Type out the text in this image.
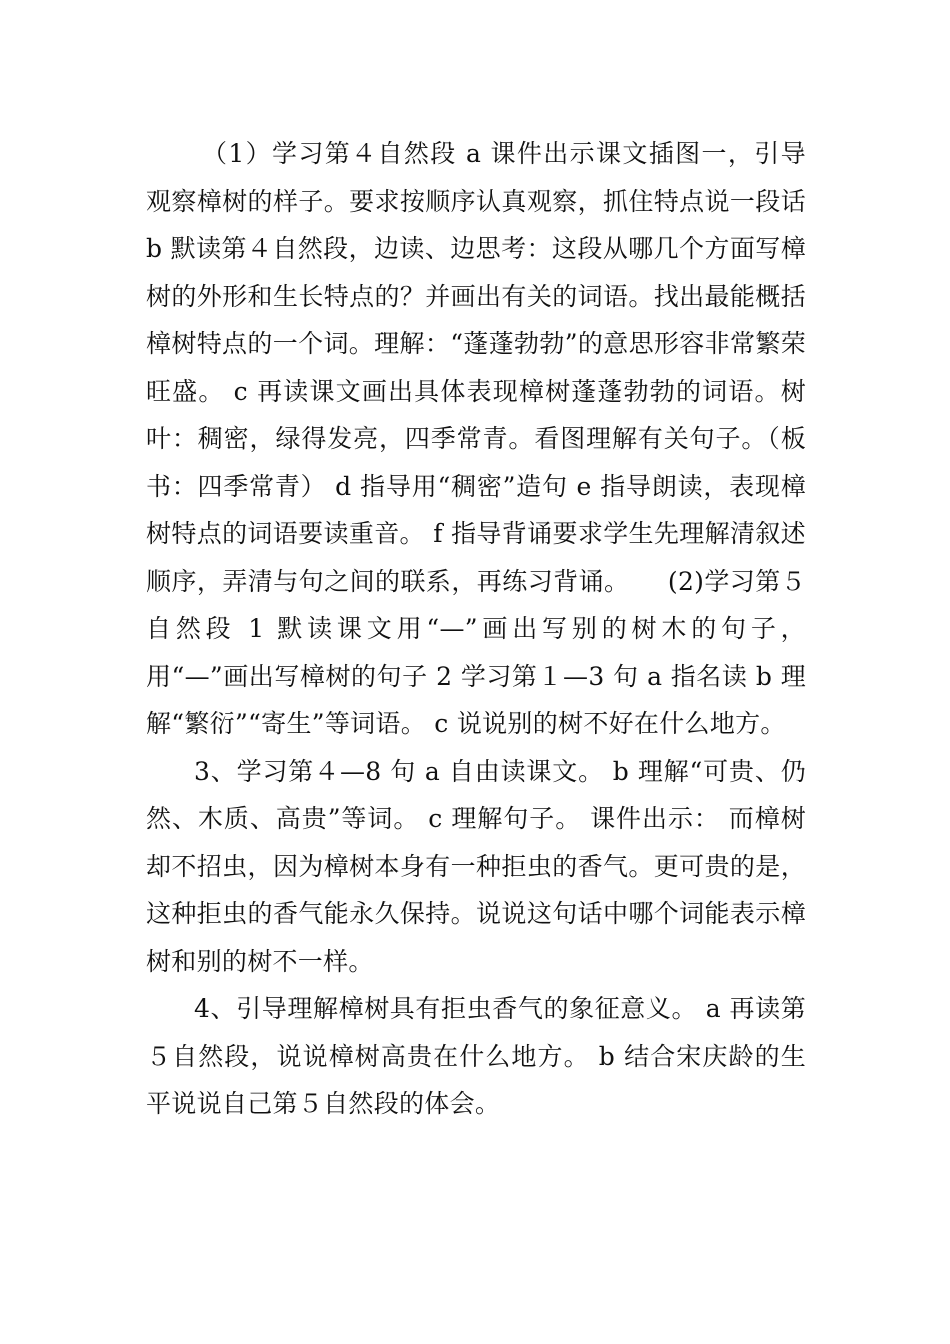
（1）学习第４自然段 a 课件出示课文插图一，引导观察樟树的样子。要求按顺序认真观察，抓住特点说一段话 b 默读第４自然段，边读、边思考：这段从哪几个方面写樟树的外形和生长特点的？并画出有关的词语。找出最能概括樟树特点的一个词。理解：“蓬蓬勃勃”的意思形容非常繁荣旺盛。 c 再读课文画出具体表现樟树蓬蓬勃勃的词语。树叶：稠密，绿得发亮，四季常青。看图理解有关句子。（板书：四季常青） d 指导用“稠密”造句 e 指导朗读，表现樟树特点的词语要读重音。 f 指导背诵要求学生先理解清叙述顺序，弄清与句之间的联系，再练习背诵。　　(2)学习第５自然段 1 默读课文用“—”画出写别的树木的句子，用“—”画出写樟树的句子 2 学习第１—3 句 a 指名读 b 理解“繁衍”“寄生”等词语。 c 说说别的树不好在什么地方。

3、学习第４—8 句 a 自由读课文。 b 理解“可贵、仍然、木质、高贵”等词。 c 理解句子。 课件出示： 而樟树却不招虫，因为樟树本身有一种拒虫的香气。更可贵的是，这种拒虫的香气能永久保持。说说这句话中哪个词能表示樟树和别的树不一样。

4、引导理解樟树具有拒虫香气的象征意义。 a 再读第５自然段，说说樟树高贵在什么地方。 b 结合宋庆龄的生平说说自己第５自然段的体会。
